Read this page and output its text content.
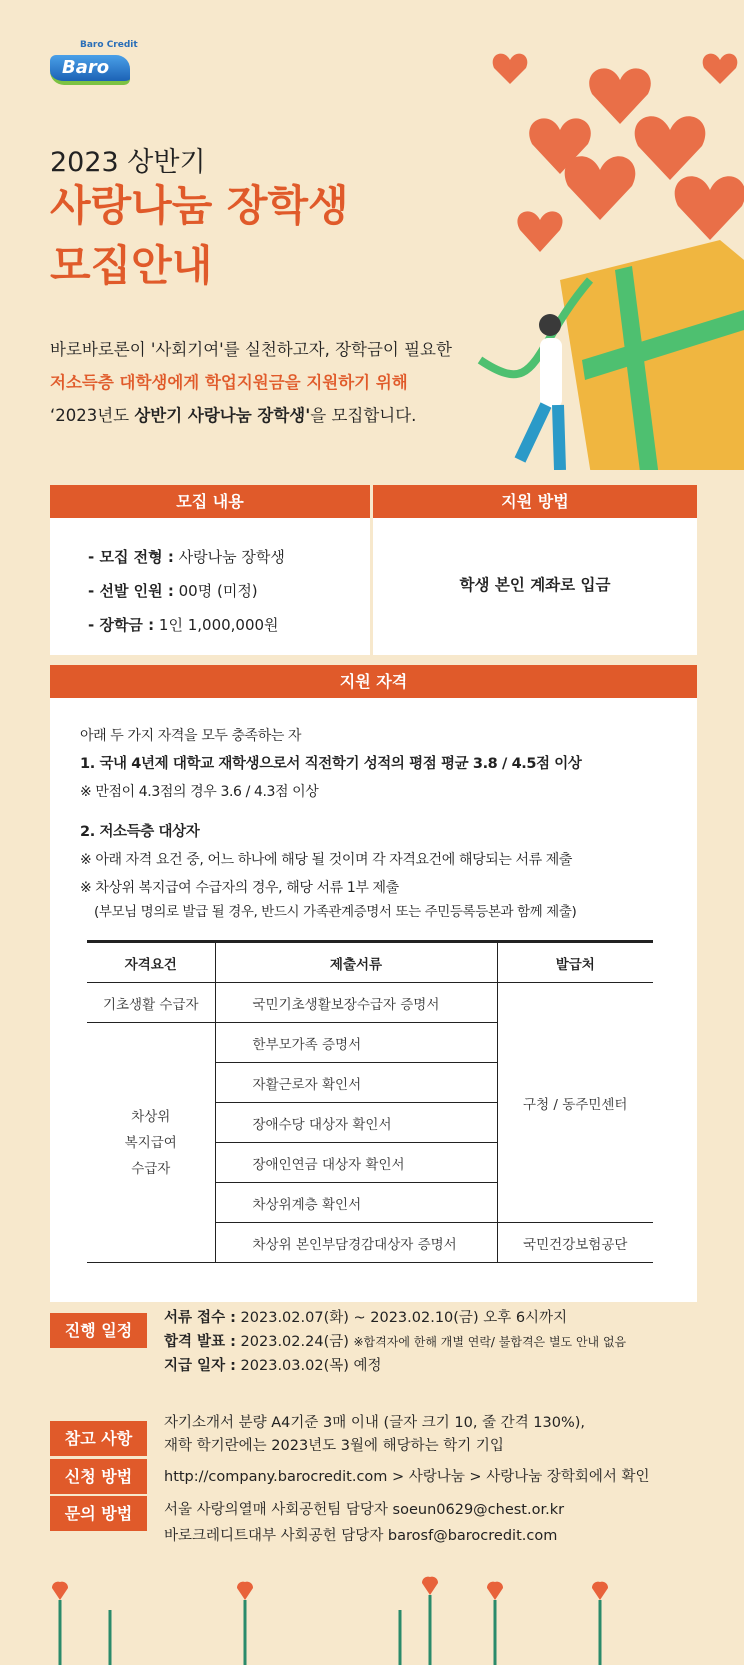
Baro Credit
Baro
2023 상반기
사랑나눔 장학생
모집안내
바로바로론이 '사회기여'를 실천하고자, 장학금이 필요한
저소득층 대학생에게 학업지원금을 지원하기 위해
‘2023년도 상반기 사랑나눔 장학생'을 모집합니다.
모집 내용
- 모집 전형 : 사랑나눔 장학생
- 선발 인원 : 00명 (미정)
- 장학금 : 1인 1,000,000원
지원 방법
학생 본인 계좌로 입금
지원 자격
아래 두 가지 자격을 모두 충족하는 자
1. 국내 4년제 대학교 재학생으로서 직전학기 성적의 평점 평균 3.8 / 4.5점 이상
※ 만점이 4.3점의 경우 3.6 / 4.3점 이상
2. 저소득층 대상자
※ 아래 자격 요건 중, 어느 하나에 해당 될 것이며 각 자격요건에 해당되는 서류 제출
※ 차상위 복지급여 수급자의 경우, 해당 서류 1부 제출
(부모님 명의로 발급 될 경우, 반드시 가족관계증명서 또는 주민등록등본과 함께 제출)
자격요건	제출서류	발급처
기초생활 수급자	국민기초생활보장수급자 증명서	구청 / 동주민센터

차상위
복지급여
수급자	한부모가족 증명서	
	자활근로자 확인서	
	장애수당 대상자 확인서	
	장애인연금 대상자 확인서	
	차상위계층 확인서	
	차상위 본인부담경감대상자 증명서	국민건강보험공단
진행 일정
서류 접수 : 2023.02.07(화) ~ 2023.02.10(금) 오후 6시까지
합격 발표 : 2023.02.24(금) ※합격자에 한해 개별 연락/ 불합격은 별도 안내 없음
지급 일자 : 2023.03.02(목) 예정
참고 사항
자기소개서 분량 A4기준 3매 이내 (글자 크기 10, 줄 간격 130%),
재학 학기란에는 2023년도 3월에 해당하는 학기 기입
신청 방법	http://company.barocredit.com > 사랑나눔 > 사랑나눔 장학회에서 확인
문의 방법	서울 사랑의열매 사회공헌팀 담당자 soeun0629@chest.or.kr
바로크레디트대부 사회공헌 담당자 barosf@barocredit.com
